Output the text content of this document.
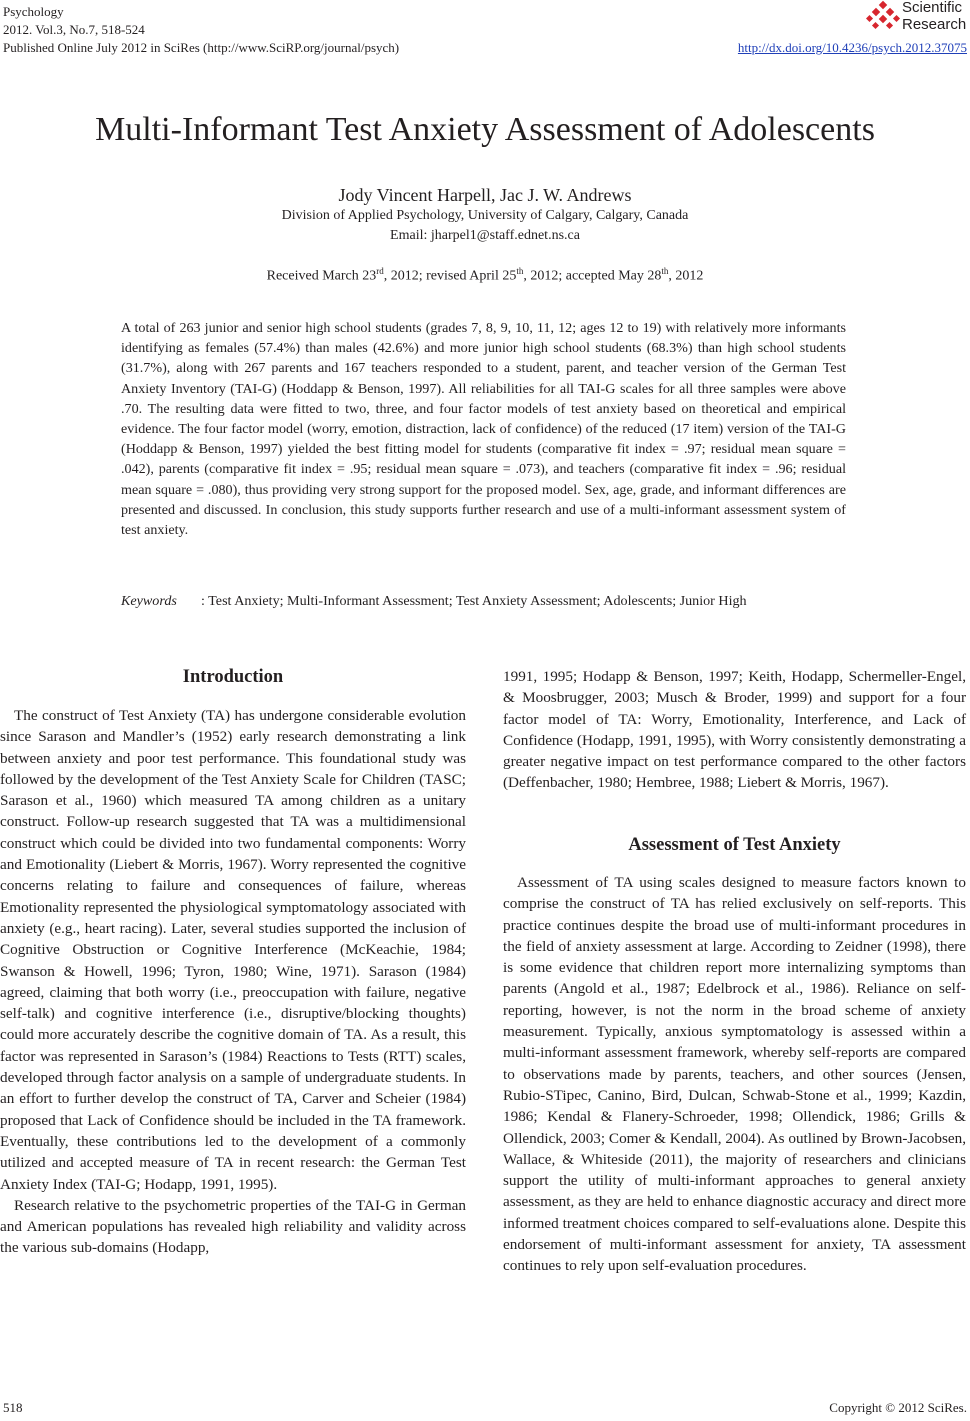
Psychology
2012. Vol.3, No.7, 518-524
Published Online July 2012 in SciRes (http://www.SciRP.org/journal/psych)	http://dx.doi.org/10.4236/psych.2012.37075
Scientific
Research
Multi-Informant Test Anxiety Assessment of Adolescents
Jody Vincent Harpell, Jac J. W. Andrews
Division of Applied Psychology, University of Calgary, Calgary, Canada
Email: jharpel1@staff.ednet.ns.ca
Received March 23rd, 2012; revised April 25th, 2012; accepted May 28th, 2012

A total of 263 junior and senior high school students (grades 7, 8, 9, 10, 11, 12; ages 12 to 19) with relatively more informants identifying as females (57.4%) than males (42.6%) and more junior high school students (68.3%) than high school students (31.7%), along with 267 parents and 167 teachers responded to a student, parent, and teacher version of the German Test Anxiety Inventory (TAI-G) (Hoddapp & Benson, 1997). All reliabilities for all TAI-G scales for all three samples were above .70. The resulting data were fitted to two, three, and four factor models of test anxiety based on theoretical and empirical evidence. The four factor model (worry, emotion, distraction, lack of confidence) of the reduced (17 item) version of the TAI-G (Hoddapp & Benson, 1997) yielded the best fitting model for students (comparative fit index = .97; residual mean square = .042), parents (comparative fit index = .95; residual mean square = .073), and teachers (comparative fit index = .96; residual mean square = .080), thus providing very strong support for the proposed model. Sex, age, grade, and informant differences are presented and discussed. In conclusion, this study supports further research and use of a multi-informant assessment system of test anxiety.

Keywords : Test Anxiety; Multi-Informant Assessment; Test Anxiety Assessment; Adolescents; Junior High
Introduction

The construct of Test Anxiety (TA) has undergone considerable evolution since Sarason and Mandler’s (1952) early research demonstrating a link between anxiety and poor test performance. This foundational study was followed by the development of the Test Anxiety Scale for Children (TASC; Sarason et al., 1960) which measured TA among children as a unitary construct. Follow-up research suggested that TA was a multidimensional construct which could be divided into two fundamental components: Worry and Emotionality (Liebert & Morris, 1967). Worry represented the cognitive concerns relating to failure and consequences of failure, whereas Emotionality represented the physiological symptomatology associated with anxiety (e.g., heart racing). Later, several studies supported the inclusion of Cognitive Obstruction or Cognitive Interference (McKeachie, 1984; Swanson & Howell, 1996; Tyron, 1980; Wine, 1971). Sarason (1984) agreed, claiming that both worry (i.e., preoccupation with failure, negative self-talk) and cognitive interference (i.e., disruptive/blocking thoughts) could more accurately describe the cognitive domain of TA. As a result, this factor was represented in Sarason’s (1984) Reactions to Tests (RTT) scales, developed through factor analysis on a sample of undergraduate students. In an effort to further develop the construct of TA, Carver and Scheier (1984) proposed that Lack of Confidence should be included in the TA framework. Eventually, these contributions led to the development of a commonly utilized and accepted measure of TA in recent research: the German Test Anxiety Index (TAI-G; Hodapp, 1991, 1995).

Research relative to the psychometric properties of the TAI-G in German and American populations has revealed high reliability and validity across the various sub-domains (Hodapp,

1991, 1995; Hodapp & Benson, 1997; Keith, Hodapp, Schermeller-Engel, & Moosbrugger, 2003; Musch & Broder, 1999) and support for a four factor model of TA: Worry, Emotionality, Interference, and Lack of Confidence (Hodapp, 1991, 1995), with Worry consistently demonstrating a greater negative impact on test performance compared to the other factors (Deffenbacher, 1980; Hembree, 1988; Liebert & Morris, 1967).

Assessment of Test Anxiety

Assessment of TA using scales designed to measure factors known to comprise the construct of TA has relied exclusively on self-reports. This practice continues despite the broad use of multi-informant procedures in the field of anxiety assessment at large. According to Zeidner (1998), there is some evidence that children report more internalizing symptoms than parents (Angold et al., 1987; Edelbrock et al., 1986). Reliance on self-reporting, however, is not the norm in the broad scheme of anxiety measurement. Typically, anxious symptomatology is assessed within a multi-informant assessment framework, whereby self-reports are compared to observations made by parents, teachers, and other sources (Jensen, Rubio-STipec, Canino, Bird, Dulcan, Schwab-Stone et al., 1999; Kazdin, 1986; Kendal & Flanery-Schroeder, 1998; Ollendick, 1986; Grills & Ollendick, 2003; Comer & Kendall, 2004). As outlined by Brown-Jacobsen, Wallace, & Whiteside (2011), the majority of researchers and clinicians support the utility of multi-informant approaches to general anxiety assessment, as they are held to enhance diagnostic accuracy and direct more informed treatment choices compared to self-evaluations alone. Despite this endorsement of multi-informant assessment for anxiety, TA assessment continues to rely upon self-evaluation procedures.

518	Copyright © 2012 SciRes.
